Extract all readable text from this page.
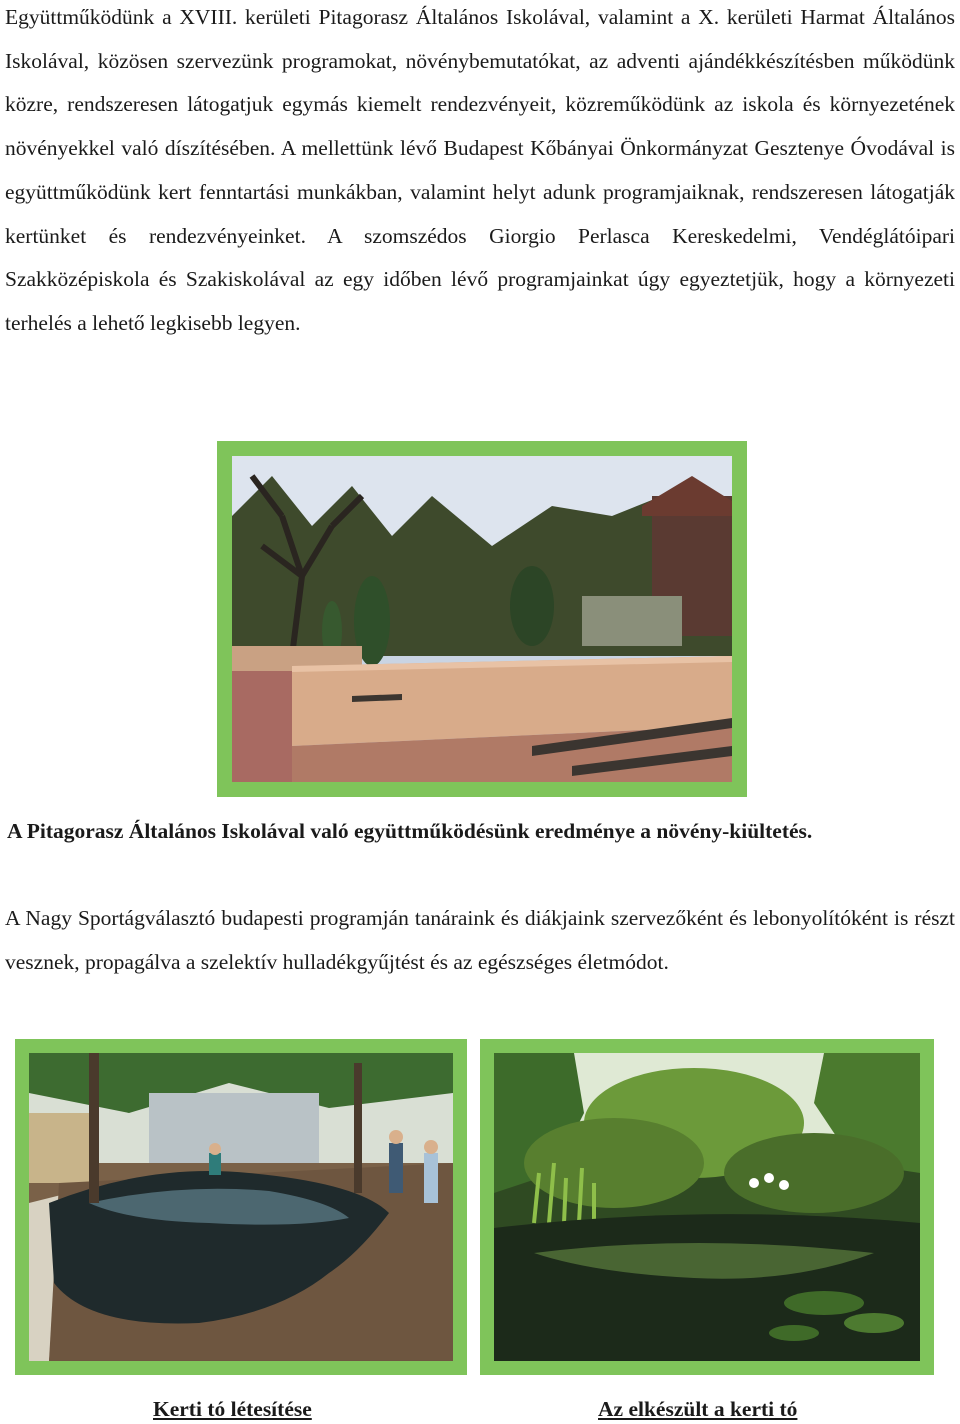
Együttműködünk a XVIII. kerületi Pitagorasz Általános Iskolával, valamint a X. kerületi Harmat Általános Iskolával, közösen szervezünk programokat, növénybemutatókat, az adventi ajándékkészítésben működünk közre, rendszeresen látogatjuk egymás kiemelt rendezvényeit, közreműködünk az iskola és környezetének növényekkel való díszítésében. A mellettünk lévő Budapest Kőbányai Önkormányzat Gesztenye Óvodával is együttműködünk kert fenntartási munkákban, valamint helyt adunk programjaiknak, rendszeresen látogatják kertünket és rendezvényeinket. A szomszédos Giorgio Perlasca Kereskedelmi, Vendéglátóipari Szakközépiskola és Szakiskolával az egy időben lévő programjainkat úgy egyeztetjük, hogy a környezeti terhelés a lehető legkisebb legyen.

A Pitagorasz Általános Iskolával való együttműködésünk eredménye a növény-kiültetés.

A Nagy Sportágválasztó budapesti programján tanáraink és diákjaink szervezőként és lebonyolítóként is részt vesznek, propagálva a szelektív hulladékgyűjtést és az egészséges életmódot.

Kerti tó létesítése	Az elkészült a kerti tó
